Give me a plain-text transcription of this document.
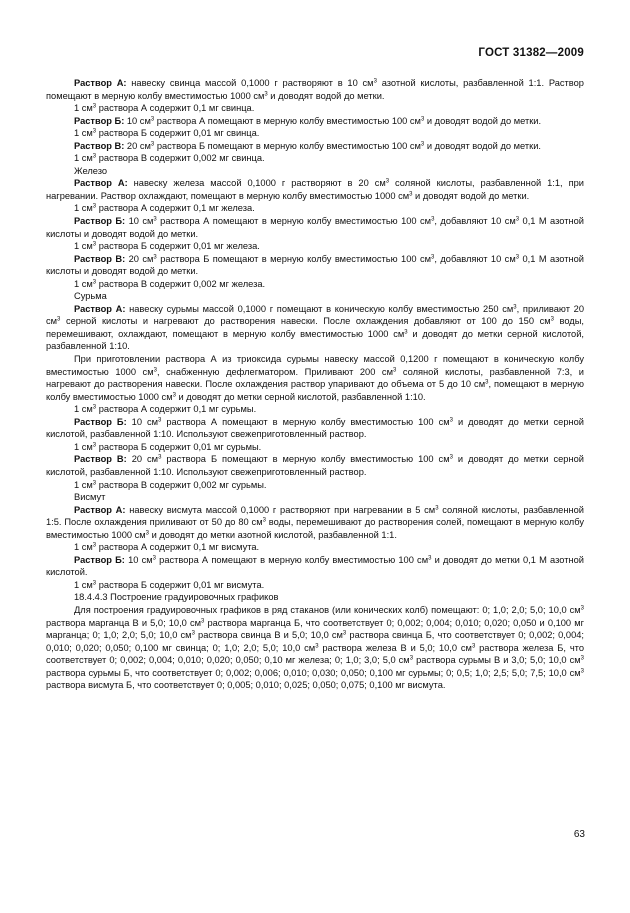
ГОСТ 31382—2009

Раствор А: навеску свинца массой 0,1000 г растворяют в 10 $см^3$ азотной кислоты, разбавленной 1:1. Раствор помещают в мерную колбу вместимостью 1000 $см^3$ и доводят водой до метки.

1 $см^3$ раствора А содержит 0,1 мг свинца.

Раствор Б: 10 $см^3$ раствора А помещают в мерную колбу вместимостью 100 $см^3$ и доводят водой до метки.

1 $см^3$ раствора Б содержит 0,01 мг свинца.

Раствор В: 20 $см^3$ раствора Б помещают в мерную колбу вместимостью 100 $см^3$ и доводят водой до метки.

1 $см^3$ раствора В содержит 0,002 мг свинца.

Железо

Раствор А: навеску железа массой 0,1000 г растворяют в 20 $см^3$ соляной кислоты, разбавленной 1:1, при нагревании. Раствор охлаждают, помещают в мерную колбу вместимостью 1000 $см^3$ и доводят водой до метки.

1 $см^3$ раствора А содержит 0,1 мг железа.

Раствор Б: 10 $см^3$ раствора А помещают в мерную колбу вместимостью 100 $см^3$, добавляют 10 $см^3$ 0,1 М азотной кислоты и доводят водой до метки.

1 $см^3$ раствора Б содержит 0,01 мг железа.

Раствор В: 20 $см^3$ раствора Б помещают в мерную колбу вместимостью 100 $см^3$, добавляют 10 $см^3$ 0,1 М азотной кислоты и доводят водой до метки.

1 $см^3$ раствора В содержит 0,002 мг железа.

Сурьма

Раствор А: навеску сурьмы массой 0,1000 г помещают в коническую колбу вместимостью 250 $см^3$, приливают 20 $см^3$ серной кислоты и нагревают до растворения навески. После охлаждения добавляют от 100 до 150 $см^3$ воды, перемешивают, охлаждают, помещают в мерную колбу вместимостью 1000 $см^3$ и доводят до метки серной кислотой, разбавленной 1:10.

При приготовлении раствора А из триоксида сурьмы навеску массой 0,1200 г помещают в коническую колбу вместимостью 1000 $см^3$, снабженную дефлегматором. Приливают 200 $см^3$ соляной кислоты, разбавленной 7:3, и нагревают до растворения навески. После охлаждения раствор упаривают до объема от 5 до 10 $см^3$, помещают в мерную колбу вместимостью 1000 $см^3$ и доводят до метки серной кислотой, разбавленной 1:10.

1 $см^3$ раствора А содержит 0,1 мг сурьмы.

Раствор Б: 10 $см^3$ раствора А помещают в мерную колбу вместимостью 100 $см^3$ и доводят до метки серной кислотой, разбавленной 1:10. Используют свежеприготовленный раствор.

1 $см^3$ раствора Б содержит 0,01 мг сурьмы.

Раствор В: 20 $см^3$ раствора Б помещают в мерную колбу вместимостью 100 $см^3$ и доводят до метки серной кислотой, разбавленной 1:10. Используют свежеприготовленный раствор.

1 $см^3$ раствора В содержит 0,002 мг сурьмы.

Висмут

Раствор А: навеску висмута массой 0,1000 г растворяют при нагревании в 5 $см^3$ соляной кислоты, разбавленной 1:5. После охлаждения приливают от 50 до 80 $см^3$ воды, перемешивают до растворения солей, помещают в мерную колбу вместимостью 1000 $см^3$ и доводят до метки азотной кислотой, разбавленной 1:1.

1 $см^3$ раствора А содержит 0,1 мг висмута.

Раствор Б: 10 $см^3$ раствора А помещают в мерную колбу вместимостью 100 $см^3$ и доводят до метки 0,1 М азотной кислотой.

1 $см^3$ раствора Б содержит 0,01 мг висмута.

18.4.4.3 Построение градуировочных графиков

Для построения градуировочных графиков в ряд стаканов (или конических колб) помещают: 0; 1,0; 2,0; 5,0; 10,0 $см^3$ раствора марганца В и 5,0; 10,0 $см^3$ раствора марганца Б, что соответствует 0; 0,002; 0,004; 0,010; 0,020; 0,050 и 0,100 мг марганца; 0; 1,0; 2,0; 5,0; 10,0 $см^3$ раствора свинца В и 5,0; 10,0 $см^3$ раствора свинца Б, что соответствует 0; 0,002; 0,004; 0,010; 0,020; 0,050; 0,100 мг свинца; 0; 1,0; 2,0; 5,0; 10,0 $см^3$ раствора железа В и 5,0; 10,0 $см^3$ раствора железа Б, что соответствует 0; 0,002; 0,004; 0,010; 0,020; 0,050; 0,10 мг железа; 0; 1,0; 3,0; 5,0 $см^3$ раствора сурьмы В и 3,0; 5,0; 10,0 $см^3$ раствора сурьмы Б, что соответствует 0; 0,002; 0,006; 0,010; 0,030; 0,050; 0,100 мг сурьмы; 0; 0,5; 1,0; 2,5; 5,0; 7,5; 10,0 $см^3$ раствора висмута Б, что соответствует 0; 0,005; 0,010; 0,025; 0,050; 0,075; 0,100 мг висмута.

63
